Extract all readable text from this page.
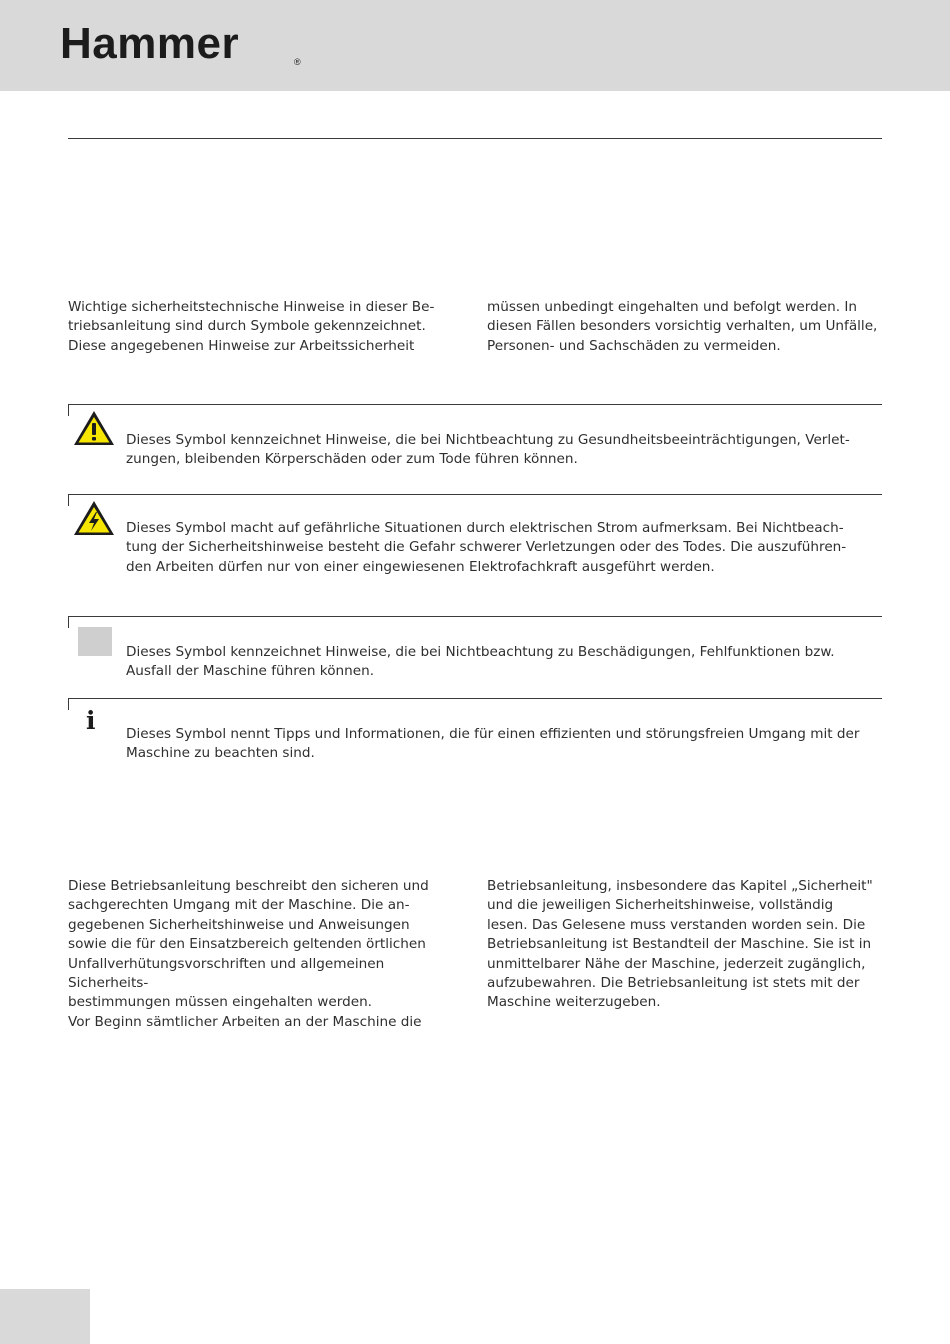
Hammer	®

Wichtige sicherheitstechnische Hinweise in dieser Be-

triebsanleitung sind durch Symbole gekennzeichnet.

Diese angegebenen Hinweise zur Arbeitssicherheit

müssen unbedingt eingehalten und befolgt werden. In

diesen Fällen besonders vorsichtig verhalten, um Unfälle,

Personen- und Sachschäden zu vermeiden.

Dieses Symbol kennzeichnet Hinweise, die bei Nichtbeachtung zu Gesundheitsbeeinträchtigungen, Verlet-

zungen, bleibenden Körperschäden oder zum Tode führen können.

Dieses Symbol macht auf gefährliche Situationen durch elektrischen Strom aufmerksam. Bei Nichtbeach-

tung der Sicherheitshinweise besteht die Gefahr schwerer Verletzungen oder des Todes. Die auszuführen-

den Arbeiten dürfen nur von einer eingewiesenen Elektrofachkraft ausgeführt werden.

Dieses Symbol kennzeichnet Hinweise, die bei Nichtbeachtung zu Beschädigungen, Fehlfunktionen bzw.

Ausfall der Maschine führen können.

i Dieses Symbol nennt Tipps und Informationen, die für einen effizienten und störungsfreien Umgang mit der

Maschine zu beachten sind.

Diese Betriebsanleitung beschreibt den sicheren und

sachgerechten Umgang mit der Maschine. Die an-

gegebenen Sicherheitshinweise und Anweisungen

sowie die für den Einsatzbereich geltenden örtlichen

Unfallverhütungsvorschriften und allgemeinen Sicherheits-

bestimmungen müssen eingehalten werden.

Vor Beginn sämtlicher Arbeiten an der Maschine die

Betriebsanleitung, insbesondere das Kapitel „Sicherheit"

und die jeweiligen Sicherheitshinweise, vollständig

lesen. Das Gelesene muss verstanden worden sein. Die

Betriebsanleitung ist Bestandteil der Maschine. Sie ist in

unmittelbarer Nähe der Maschine, jederzeit zugänglich,

aufzubewahren. Die Betriebsanleitung ist stets mit der

Maschine weiterzugeben.
